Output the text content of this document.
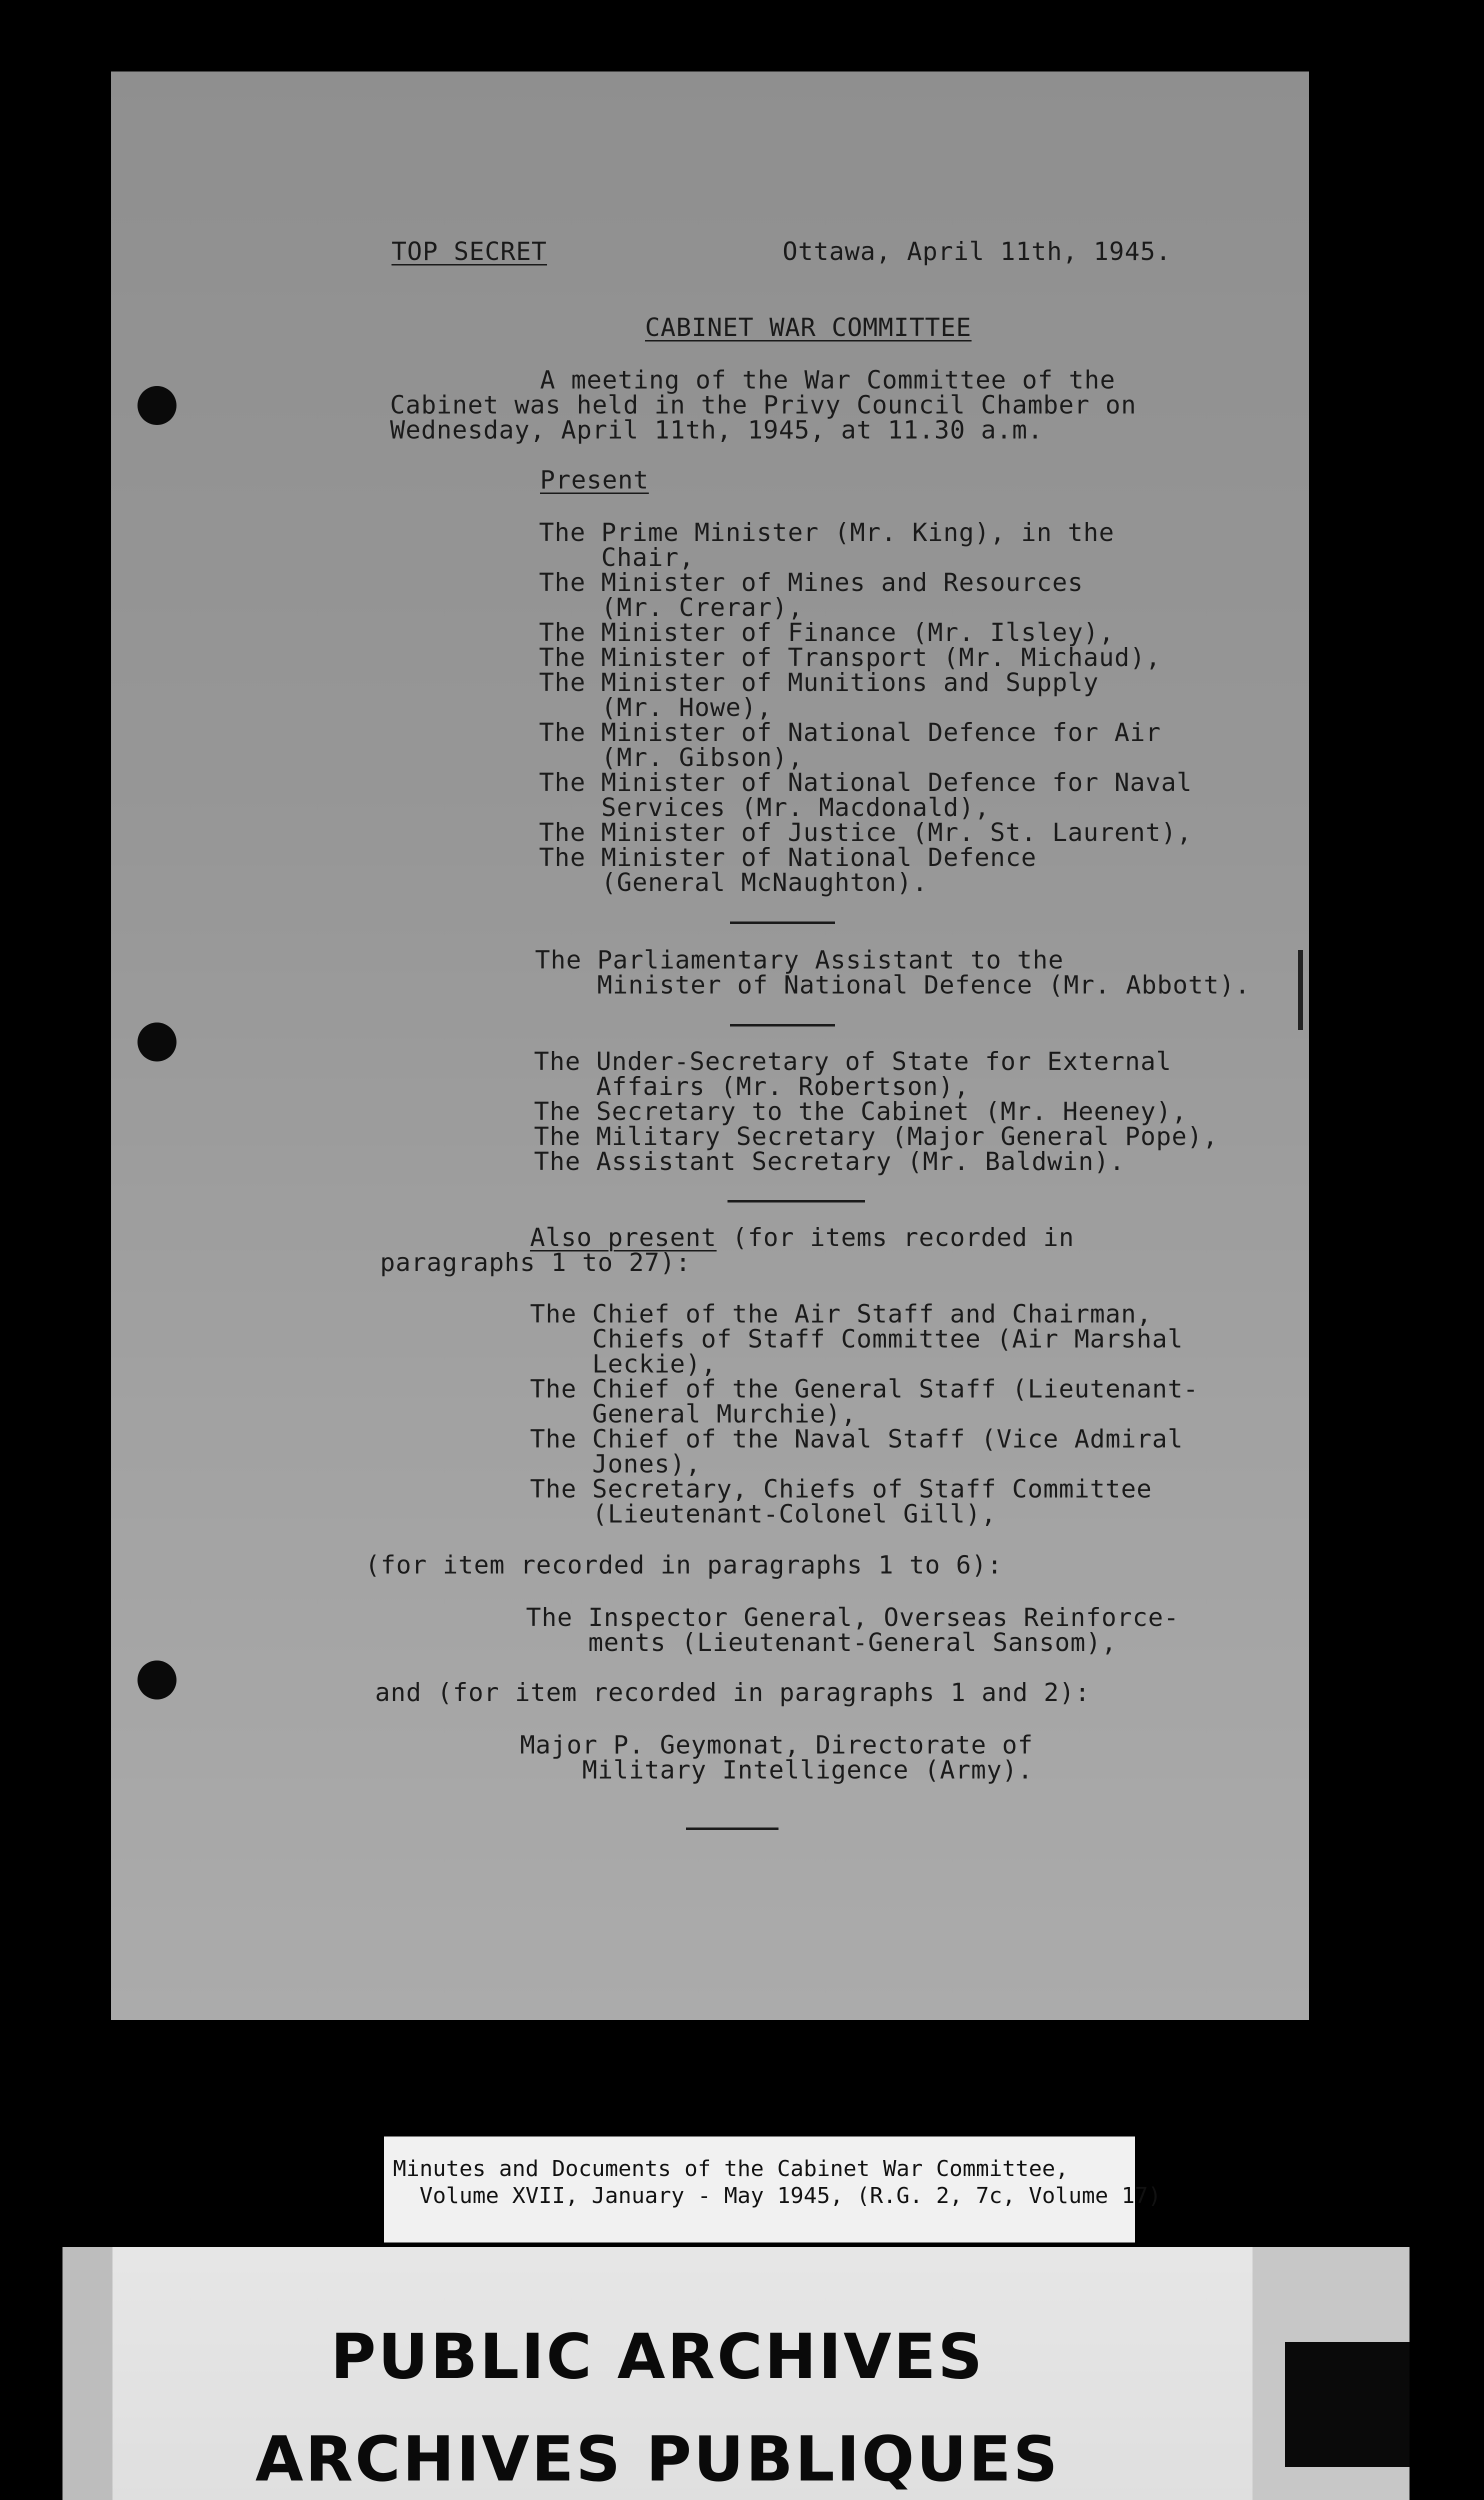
TOP SECRET	Ottawa, April 11th, 1945.
CABINET WAR COMMITTEE
A meeting of the War Committee of the
Cabinet was held in the Privy Council Chamber on
Wednesday, April 11th, 1945, at 11.30 a.m.
Present
The Prime Minister (Mr. King), in the
Chair,
The Minister of Mines and Resources
(Mr. Crerar),
The Minister of Finance (Mr. Ilsley),
The Minister of Transport (Mr. Michaud),
The Minister of Munitions and Supply
(Mr. Howe),
The Minister of National Defence for Air
(Mr. Gibson),
The Minister of National Defence for Naval
Services (Mr. Macdonald),
The Minister of Justice (Mr. St. Laurent),
The Minister of National Defence
(General McNaughton).
The Parliamentary Assistant to the
Minister of National Defence (Mr. Abbott).
The Under-Secretary of State for External
Affairs (Mr. Robertson),
The Secretary to the Cabinet (Mr. Heeney),
The Military Secretary (Major General Pope),
The Assistant Secretary (Mr. Baldwin).
Also present (for items recorded in
paragraphs 1 to 27):
The Chief of the Air Staff and Chairman,
Chiefs of Staff Committee (Air Marshal
Leckie),
The Chief of the General Staff (Lieutenant-
General Murchie),
The Chief of the Naval Staff (Vice Admiral
Jones),
The Secretary, Chiefs of Staff Committee
(Lieutenant-Colonel Gill),
(for item recorded in paragraphs 1 to 6):
The Inspector General, Overseas Reinforce-
ments (Lieutenant-General Sansom),
and (for item recorded in paragraphs 1 and 2):
Major P. Geymonat, Directorate of
Military Intelligence (Army).
Minutes and Documents of the Cabinet War Committee,
Volume XVII, January - May 1945, (R.G. 2, 7c, Volume 17)
PUBLIC ARCHIVES
ARCHIVES PUBLIQUES
